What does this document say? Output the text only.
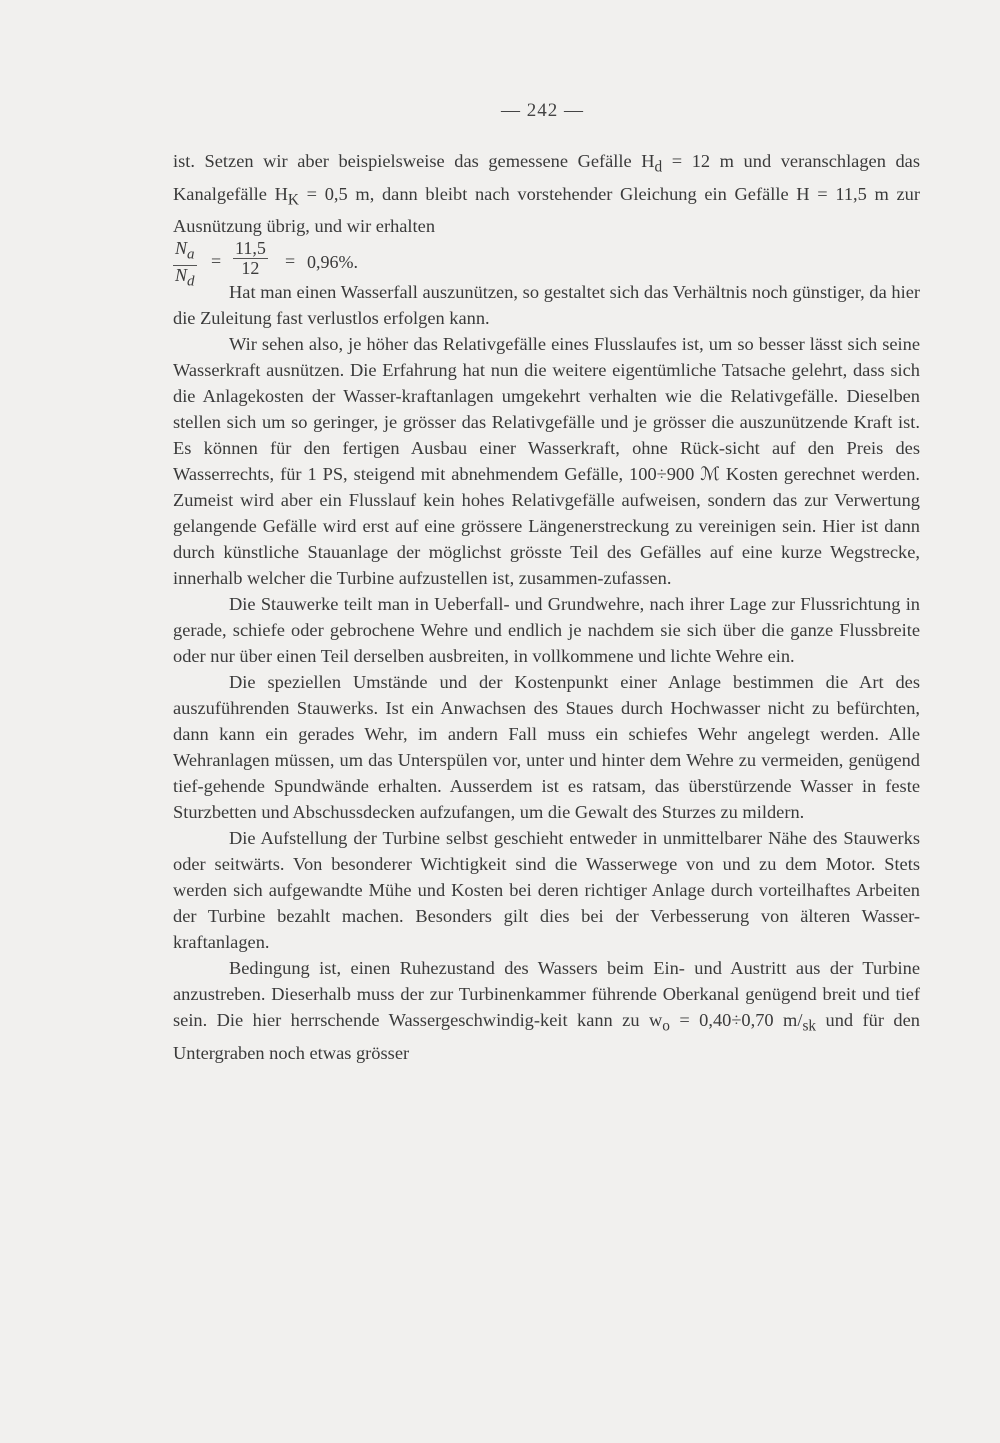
— 242 —

ist. Setzen wir aber beispielsweise das gemessene Gefälle $H_d = 12$ m und veranschlagen das Kanalgefälle $H_K = 0,5$ m, dann bleibt nach vorstehender Gleichung ein Gefälle H = 11,5 m zur Ausnützung übrig, und wir erhalten

$\frac{N_a}{N_d} = \frac{11,5}{12} = 0,96\%$.

Hat man einen Wasserfall auszunützen, so gestaltet sich das Verhältnis noch günstiger, da hier die Zuleitung fast verlustlos erfolgen kann.

Wir sehen also, je höher das Relativgefälle eines Flusslaufes ist, um so besser lässt sich seine Wasserkraft ausnützen. Die Erfahrung hat nun die weitere eigentümliche Tatsache gelehrt, dass sich die Anlagekosten der Wasser-kraftanlagen umgekehrt verhalten wie die Relativgefälle. Dieselben stellen sich um so geringer, je grösser das Relativgefälle und je grösser die auszunützende Kraft ist. Es können für den fertigen Ausbau einer Wasserkraft, ohne Rück-sicht auf den Preis des Wasserrechts, für 1 PS, steigend mit abnehmendem Gefälle, 100÷900 ℳ Kosten gerechnet werden. Zumeist wird aber ein Flusslauf kein hohes Relativgefälle aufweisen, sondern das zur Verwertung gelangende Gefälle wird erst auf eine grössere Längenerstreckung zu vereinigen sein. Hier ist dann durch künstliche Stauanlage der möglichst grösste Teil des Gefälles auf eine kurze Wegstrecke, innerhalb welcher die Turbine aufzustellen ist, zusammen-zufassen.

Die Stauwerke teilt man in Ueberfall- und Grundwehre, nach ihrer Lage zur Flussrichtung in gerade, schiefe oder gebrochene Wehre und endlich je nachdem sie sich über die ganze Flussbreite oder nur über einen Teil derselben ausbreiten, in vollkommene und lichte Wehre ein.

Die speziellen Umstände und der Kostenpunkt einer Anlage bestimmen die Art des auszuführenden Stauwerks. Ist ein Anwachsen des Staues durch Hochwasser nicht zu befürchten, dann kann ein gerades Wehr, im andern Fall muss ein schiefes Wehr angelegt werden. Alle Wehranlagen müssen, um das Unterspülen vor, unter und hinter dem Wehre zu vermeiden, genügend tief-gehende Spundwände erhalten. Ausserdem ist es ratsam, das überstürzende Wasser in feste Sturzbetten und Abschussdecken aufzufangen, um die Gewalt des Sturzes zu mildern.

Die Aufstellung der Turbine selbst geschieht entweder in unmittelbarer Nähe des Stauwerks oder seitwärts. Von besonderer Wichtigkeit sind die Wasserwege von und zu dem Motor. Stets werden sich aufgewandte Mühe und Kosten bei deren richtiger Anlage durch vorteilhaftes Arbeiten der Turbine bezahlt machen. Besonders gilt dies bei der Verbesserung von älteren Wasser-kraftanlagen.

Bedingung ist, einen Ruhezustand des Wassers beim Ein- und Austritt aus der Turbine anzustreben. Dieserhalb muss der zur Turbinenkammer führende Oberkanal genügend breit und tief sein. Die hier herrschende Wassergeschwindig-keit kann zu $w_o = 0,40\div 0,70$ $m/_{sk}$ und für den Untergraben noch etwas grösser
